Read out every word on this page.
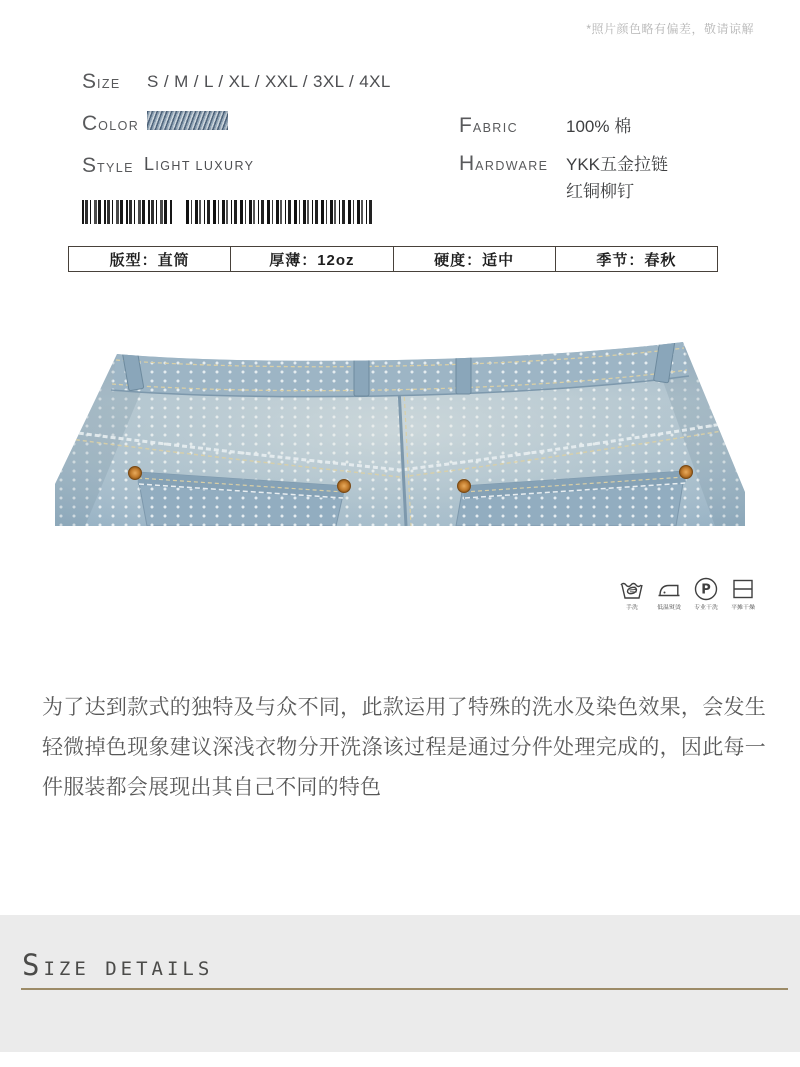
*照片颜色略有偏差，敬请谅解
SIZE S / M / L / XL / XXL / 3XL / 4XL
COLOR
STYLE LIGHT LUXURY
FABRIC	100% 棉
HARDWARE YKK五金拉链
红铜柳钉
版型：直筒	厚薄：12oz	硬度：适中	季节：春秋
手洗	低温熨烫
P
专业干洗 平摊干燥
为了达到款式的独特及与众不同，此款运用了特殊的洗水及染色效果，会发生轻微掉色现象建议深浅衣物分开洗涤该过程是通过分件处理完成的，因此每一件服装都会展现出其自己不同的特色
SIZE DETAILS
